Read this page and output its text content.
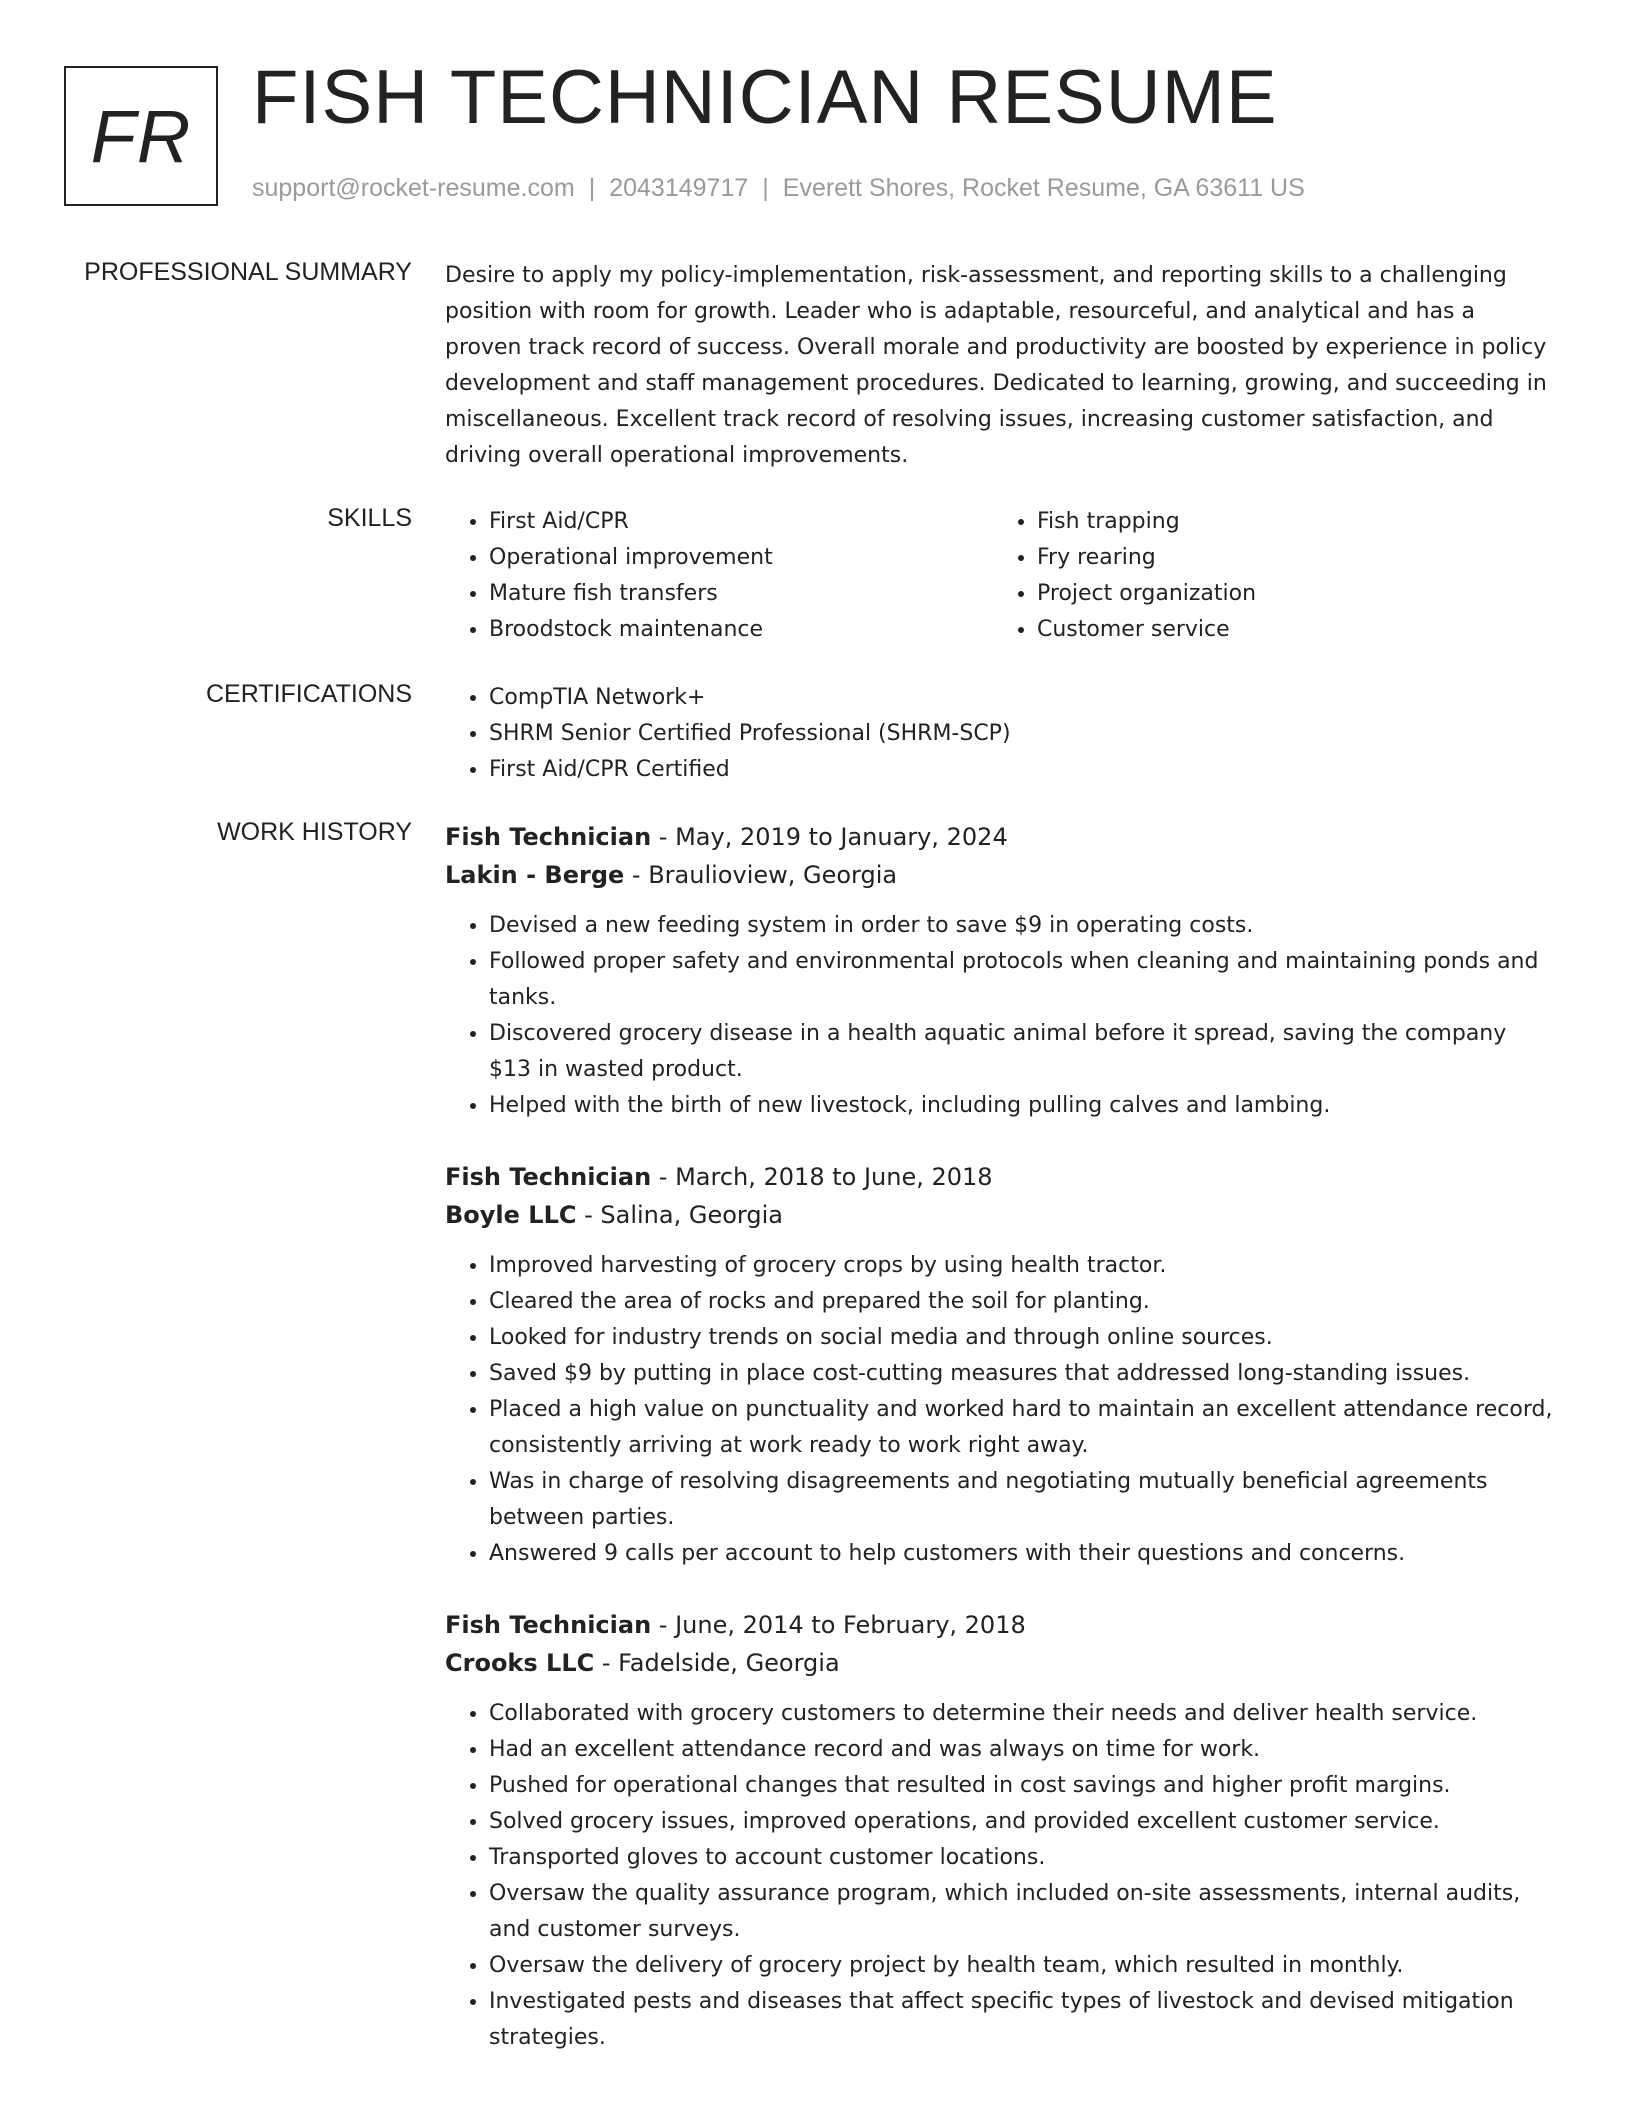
FR FISH TECHNICIAN RESUME
support@rocket-resume.com | 2043149717 | Everett Shores, Rocket Resume, GA 63611 US
PROFESSIONAL SUMMARY Desire to apply my policy-implementation, risk-assessment, and reporting skills to a challenging position with room for growth. Leader who is adaptable, resourceful, and analytical and has a proven track record of success. Overall morale and productivity are boosted by experience in policy development and staff management procedures. Dedicated to learning, growing, and succeeding in miscellaneous. Excellent track record of resolving issues, increasing customer satisfaction, and driving overall operational improvements.

SKILLS	• First Aid/CPR
• Operational improvement
• Mature fish transfers
• Broodstock maintenance
• Fish trapping
• Fry rearing
• Project organization
• Customer service
CERTIFICATIONS	• CompTIA Network+
• SHRM Senior Certified Professional (SHRM-SCP)
• First Aid/CPR Certified
WORK HISTORY Fish Technician - May, 2019 to January, 2024
Lakin - Berge - Braulioview, Georgia
• Devised a new feeding system in order to save $9 in operating costs.
• Followed proper safety and environmental protocols when cleaning and maintaining ponds and tanks.
• Discovered grocery disease in a health aquatic animal before it spread, saving the company $13 in wasted product.
• Helped with the birth of new livestock, including pulling calves and lambing.
Fish Technician - March, 2018 to June, 2018
Boyle LLC - Salina, Georgia
• Improved harvesting of grocery crops by using health tractor.
• Cleared the area of rocks and prepared the soil for planting.
• Looked for industry trends on social media and through online sources.
• Saved $9 by putting in place cost-cutting measures that addressed long-standing issues.
• Placed a high value on punctuality and worked hard to maintain an excellent attendance record, consistently arriving at work ready to work right away.
• Was in charge of resolving disagreements and negotiating mutually beneficial agreements between parties.
• Answered 9 calls per account to help customers with their questions and concerns.
Fish Technician - June, 2014 to February, 2018
Crooks LLC - Fadelside, Georgia
• Collaborated with grocery customers to determine their needs and deliver health service.
• Had an excellent attendance record and was always on time for work.
• Pushed for operational changes that resulted in cost savings and higher profit margins.
• Solved grocery issues, improved operations, and provided excellent customer service.
• Transported gloves to account customer locations.
• Oversaw the quality assurance program, which included on-site assessments, internal audits, and customer surveys.
• Oversaw the delivery of grocery project by health team, which resulted in monthly.
• Investigated pests and diseases that affect specific types of livestock and devised mitigation strategies.
